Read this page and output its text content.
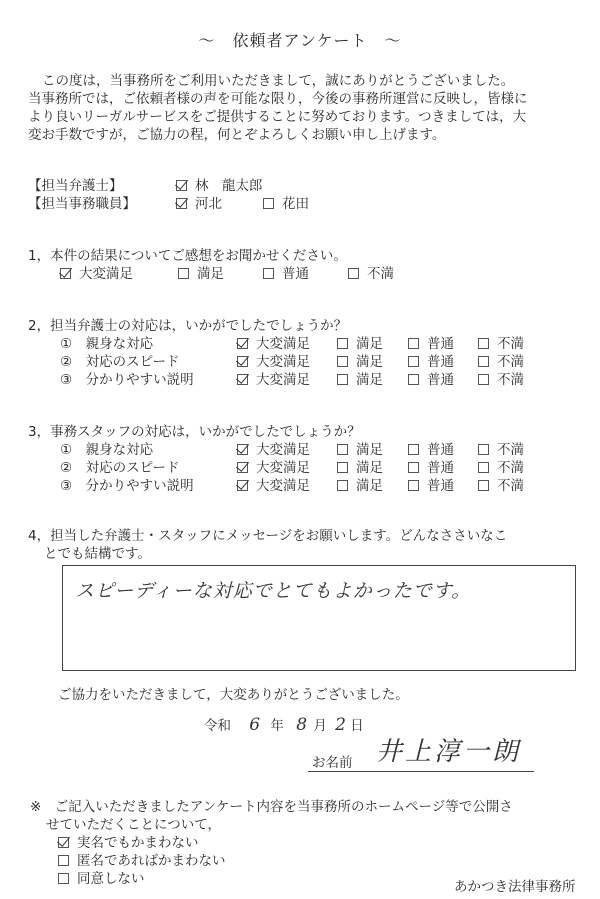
～　依頼者アンケート　～
この度は，当事務所をご利用いただきまして，誠にありがとうございました。
当事務所では，ご依頼者様の声を可能な限り，今後の事務所運営に反映し，皆様に
より良いリーガルサービスをご提供することに努めております。つきましては，大
変お手数ですが，ご協力の程，何とぞよろしくお願い申し上げます。
【担当弁護士】	林　龍太郎
【担当事務職員】	河北	花田
1，本件の結果についてご感想をお聞かせください。
大変満足	満足	普通	不満
2，担当弁護士の対応は，いかがでしたでしょうか？
①　親身な対応	大変満足	満足	普通	不満
②　対応のスピード	大変満足	満足	普通	不満
③　分かりやすい説明	大変満足	満足	普通	不満
3，事務スタッフの対応は，いかがでしたでしょうか？
①　親身な対応	大変満足	満足	普通	不満
②　対応のスピード	大変満足	満足	普通	不満
③　分かりやすい説明	大変満足	満足	普通	不満
4，担当した弁護士・スタッフにメッセージをお願いします。どんなささいなこ
とでも結構です。
スピーディーな対応でとてもよかったです。
ご協力をいただきまして，大変ありがとうございました。
令和 6 年 8 月 2 日
お名前 井上淳一朗
※　ご記入いただきましたアンケート内容を当事務所のホームページ等で公開さ
せていただくことについて，
実名でもかまわない
匿名であればかまわない
同意しない	あかつき法律事務所
